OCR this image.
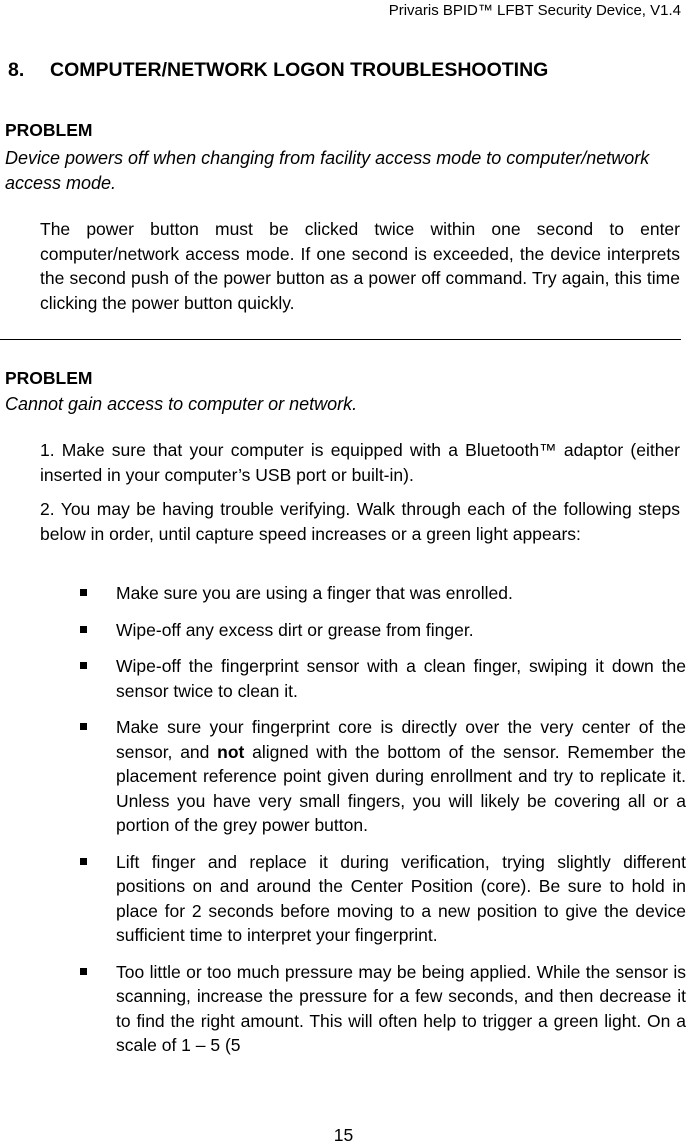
Privaris BPID™ LFBT Security Device, V1.4
8. COMPUTER/NETWORK LOGON TROUBLESHOOTING
PROBLEM
Device powers off when changing from facility access mode to computer/network access mode.
The power button must be clicked twice within one second to enter computer/network access mode. If one second is exceeded, the device interprets the second push of the power button as a power off command. Try again, this time clicking the power button quickly.
PROBLEM
Cannot gain access to computer or network.
1. Make sure that your computer is equipped with a Bluetooth™ adaptor (either inserted in your computer’s USB port or built-in).
2. You may be having trouble verifying. Walk through each of the following steps below in order, until capture speed increases or a green light appears:
Make sure you are using a finger that was enrolled.
Wipe-off any excess dirt or grease from finger.
Wipe-off the fingerprint sensor with a clean finger, swiping it down the sensor twice to clean it.
Make sure your fingerprint core is directly over the very center of the sensor, and not aligned with the bottom of the sensor. Remember the placement reference point given during enrollment and try to replicate it. Unless you have very small fingers, you will likely be covering all or a portion of the grey power button.
Lift finger and replace it during verification, trying slightly different positions on and around the Center Position (core). Be sure to hold in place for 2 seconds before moving to a new position to give the device sufficient time to interpret your fingerprint.
Too little or too much pressure may be being applied. While the sensor is scanning, increase the pressure for a few seconds, and then decrease it to find the right amount. This will often help to trigger a green light. On a scale of 1 – 5 (5
15
